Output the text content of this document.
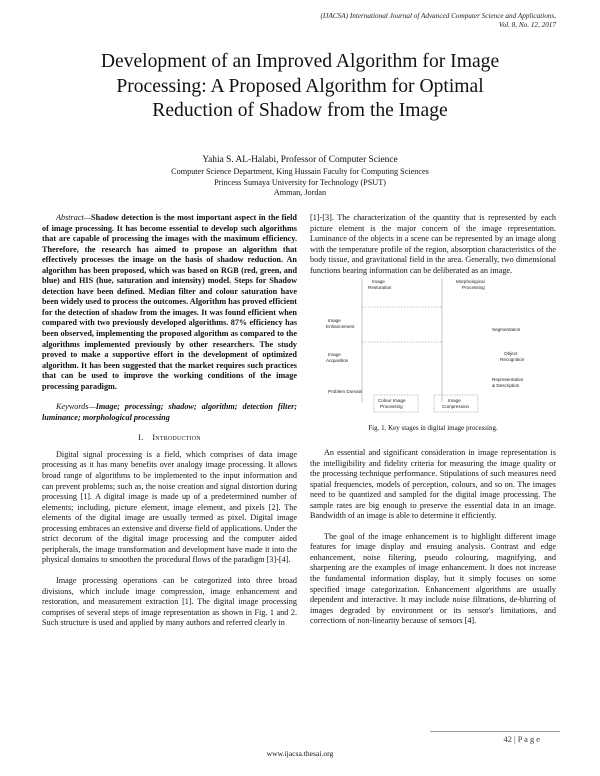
(IJACSA) International Journal of Advanced Computer Science and Applications,
Vol. 8, No. 12, 2017
Development of an Improved Algorithm for Image
Processing: A Proposed Algorithm for Optimal
Reduction of Shadow from the Image
Yahia S. AL-Halabi, Professor of Computer Science
Computer Science Department, King Hussain Faculty for Computing Sciences
Princess Sumaya University for Technology (PSUT)
Amman, Jordan

Abstract—Shadow detection is the most important aspect in the field of image processing. It has become essential to develop such algorithms that are capable of processing the images with the maximum efficiency. Therefore, the research has aimed to propose an algorithm that effectively processes the image on the basis of shadow reduction. An algorithm has been proposed, which was based on RGB (red, green, and blue) and HIS (hue, saturation and intensity) model. Steps for Shadow detection have been defined. Median filter and colour saturation have been widely used to process the outcomes. Algorithm has proved efficient for the detection of shadow from the images. It was found efficient when compared with two previously developed algorithms. 87% efficiency has been observed, implementing the proposed algorithm as compared to the algorithms implemented previously by other researchers. The study proved to make a supportive effort in the development of optimized algorithm. It has been suggested that the market requires such practices that can be used to improve the working conditions of the image processing paradigm.

Keywords—Image; processing; shadow; algorithm; detection filter; luminance; morphological processing

I. Introduction

Digital signal processing is a field, which comprises of data image processing as it has many benefits over analogy image processing. It allows broad range of algorithms to be implemented to the input information and can prevent problems; such as, the noise creation and signal distortion during processing [1]. A digital image is made up of a predetermined number of elements; including, picture element, image element, and pixels [2]. The elements of the digital image are usually termed as pixel. Digital image processing embraces an extensive and diverse field of applications. Under the strict decorum of the digital image processing and the computer aided peripherals, the image transformation and development have made it into the physical domains to smoothen the procedural flows of the paradigm [3]-[4].

Image processing operations can be categorized into three broad divisions, which include image compression, image enhancement and restoration, and measurement extraction [1]. The digital image processing comprises of several steps of image representation as shown in Fig. 1 and 2. Such structure is used and applied by many authors and referred clearly in

[1]-[3]. The characterization of the quantity that is represented by each picture element is the major concern of the image representation. Luminance of the objects in a scene can be represented by an image along with the temperature profile of the region, absorption characteristics of the body tissue, and gravitational field in the area. Generally, two dimensional functions bearing information can be deliberated as an image.

Image Restoration
Morphological Processing
Image Enhancement
Segmentation
Image Acquisition
Object Recognition
Problem Domain
Representation & Description
Colour Image Processing
Image Compression
Fig. 1. Key stages in digital image processing.

An essential and significant consideration in image representation is the intelligibility and fidelity criteria for measuring the image quality or the processing technique performance. Stipulations of such measures need spatial frequencies, models of perception, colours, and so on. The images need to be quantized and sampled for the digital image processing. The sample rates are big enough to preserve the essential data in an image. Bandwidth of an image is able to determine it efficiently.

The goal of the image enhancement is to highlight different image features for image display and ensuing analysis. Contrast and edge enhancement, noise filtering, pseudo colouring, magnifying, and sharpening are the examples of image enhancement. It does not increase the fundamental information display, but it simply focuses on some specified image categorization. Enhancement algorithms are usually dependent and interactive. It may include noise filtrations, de-blurring of images degraded by environment or its sensor's limitations, and corrections of non-linearity because of sensors [4].

42 | P a g e
www.ijacsa.thesai.org
